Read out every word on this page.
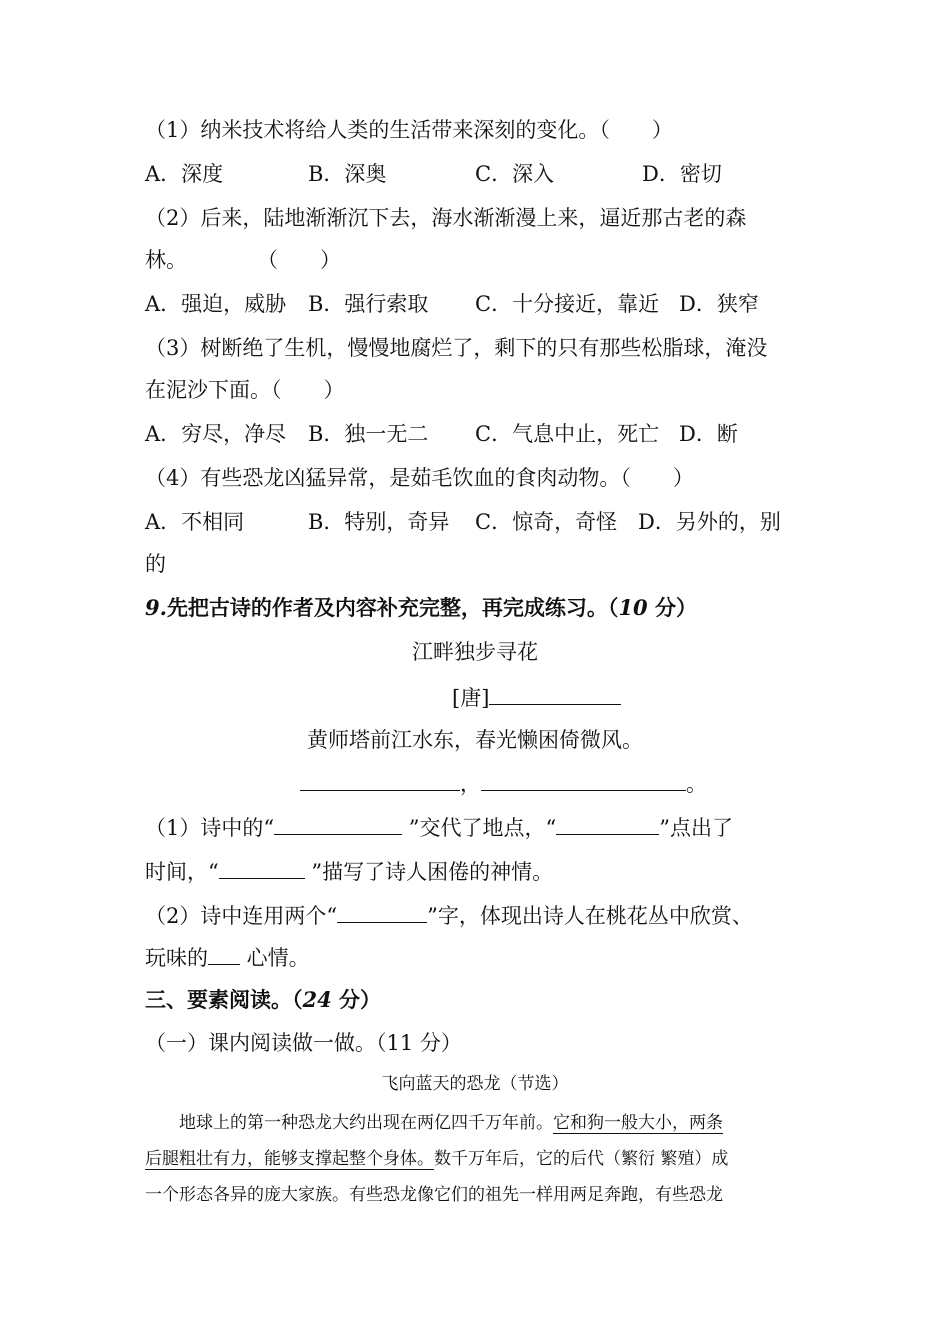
（1）纳米技术将给人类的生活带来深刻的变化。（　　）
A．深度	B．深奥	C．深入	D．密切
（2）后来，陆地渐渐沉下去，海水渐渐漫上来，逼近那古老的森
林。	（　　）
A．强迫，威胁 B．强行索取 C．十分接近，靠近 D．狭窄
（3）树断绝了生机，慢慢地腐烂了，剩下的只有那些松脂球，淹没
在泥沙下面。（　　）
A．穷尽，净尽 B．独一无二 C．气息中止，死亡 D．断
（4）有些恐龙凶猛异常，是茹毛饮血的食肉动物。（　　）
A．不相同	B．特别，奇异 C．惊奇，奇怪 D．另外的，别
的
9.先把古诗的作者及内容补充完整，再完成练习。（10 分）
江畔独步寻花
[唐]
黄师塔前江水东，春光懒困倚微风。
，	。
（1）诗中的“	”交代了地点，“	”点出了
时间，“	”描写了诗人困倦的神情。
（2）诗中连用两个“	”字，体现出诗人在桃花丛中欣赏、
玩味的 心情。
三、要素阅读。（24 分）
（一）课内阅读做一做。（11 分）
飞向蓝天的恐龙（节选）
　　地球上的第一种恐龙大约出现在两亿四千万年前。它和狗一般大小，两条
后腿粗壮有力，能够支撑起整个身体。数千万年后，它的后代（繁衍 繁殖）成
一个形态各异的庞大家族。有些恐龙像它们的祖先一样用两足奔跑，有些恐龙
